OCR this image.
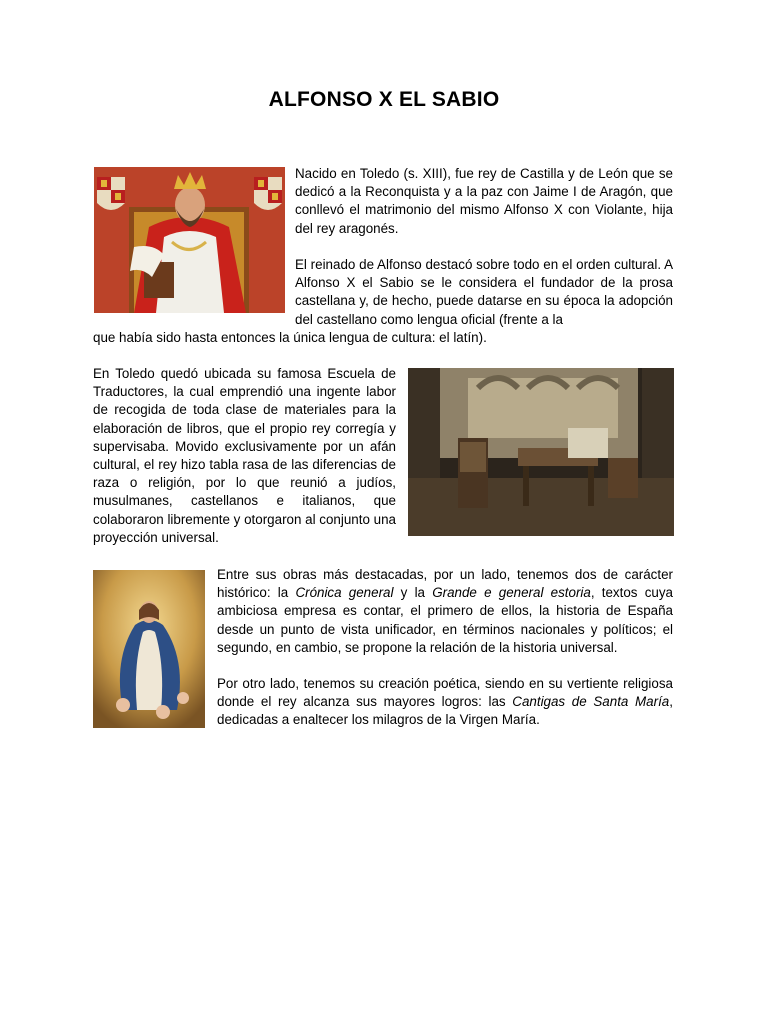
ALFONSO X EL SABIO

Nacido en Toledo (s. XIII), fue rey de Castilla y de León que se dedicó a la Reconquista y a la paz con Jaime I de Aragón, que conllevó el matrimonio del mismo Alfonso X con Violante, hija del rey aragonés.

El reinado de Alfonso destacó sobre todo en el orden cultural. A Alfonso X el Sabio se le considera el fundador de la prosa castellana y, de hecho, puede datarse en su época la adopción del castellano como lengua oficial (frente a la
que había sido hasta entonces la única lengua de cultura: el latín).

En Toledo quedó ubicada su famosa Escuela de Traductores, la cual emprendió una ingente labor de recogida de toda clase de materiales para la elaboración de libros, que el propio rey corregía y supervisaba. Movido exclusivamente por un afán cultural, el rey hizo tabla rasa de las diferencias de raza o religión, por lo que reunió a judíos, musulmanes, castellanos e italianos, que colaboraron libremente y otorgaron al conjunto una proyección universal.

Entre sus obras más destacadas, por un lado, tenemos dos de carácter histórico: la Crónica general y la Grande e general estoria, textos cuya ambiciosa empresa es contar, el primero de ellos, la historia de España desde un punto de vista unificador, en términos nacionales y políticos; el segundo, en cambio, se propone la relación de la historia universal.

Por otro lado, tenemos su creación poética, siendo en su vertiente religiosa donde el rey alcanza sus mayores logros: las Cantigas de Santa María, dedicadas a enaltecer los milagros de la Virgen María.
